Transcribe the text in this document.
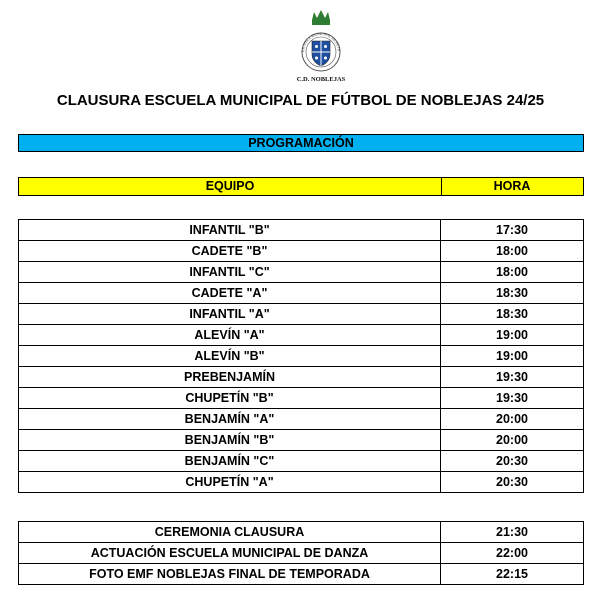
ESCUELA MUNICIPAL DE FUTB
C.D. NOBLEJAS
CLAUSURA ESCUELA MUNICIPAL DE FÚTBOL DE NOBLEJAS 24/25
PROGRAMACIÓN
EQUIPO	HORA
INFANTIL "B"	17:30
CADETE "B"	18:00
INFANTIL "C"	18:00
CADETE "A"	18:30
INFANTIL "A"	18:30
ALEVÍN "A"	19:00
ALEVÍN "B"	19:00
PREBENJAMÍN	19:30
CHUPETÍN "B"	19:30
BENJAMÍN "A"	20:00
BENJAMÍN "B"	20:00
BENJAMÍN "C"	20:30
CHUPETÍN "A"	20:30
CEREMONIA CLAUSURA	21:30
ACTUACIÓN ESCUELA MUNICIPAL DE DANZA	22:00
FOTO EMF NOBLEJAS FINAL DE TEMPORADA	22:15
